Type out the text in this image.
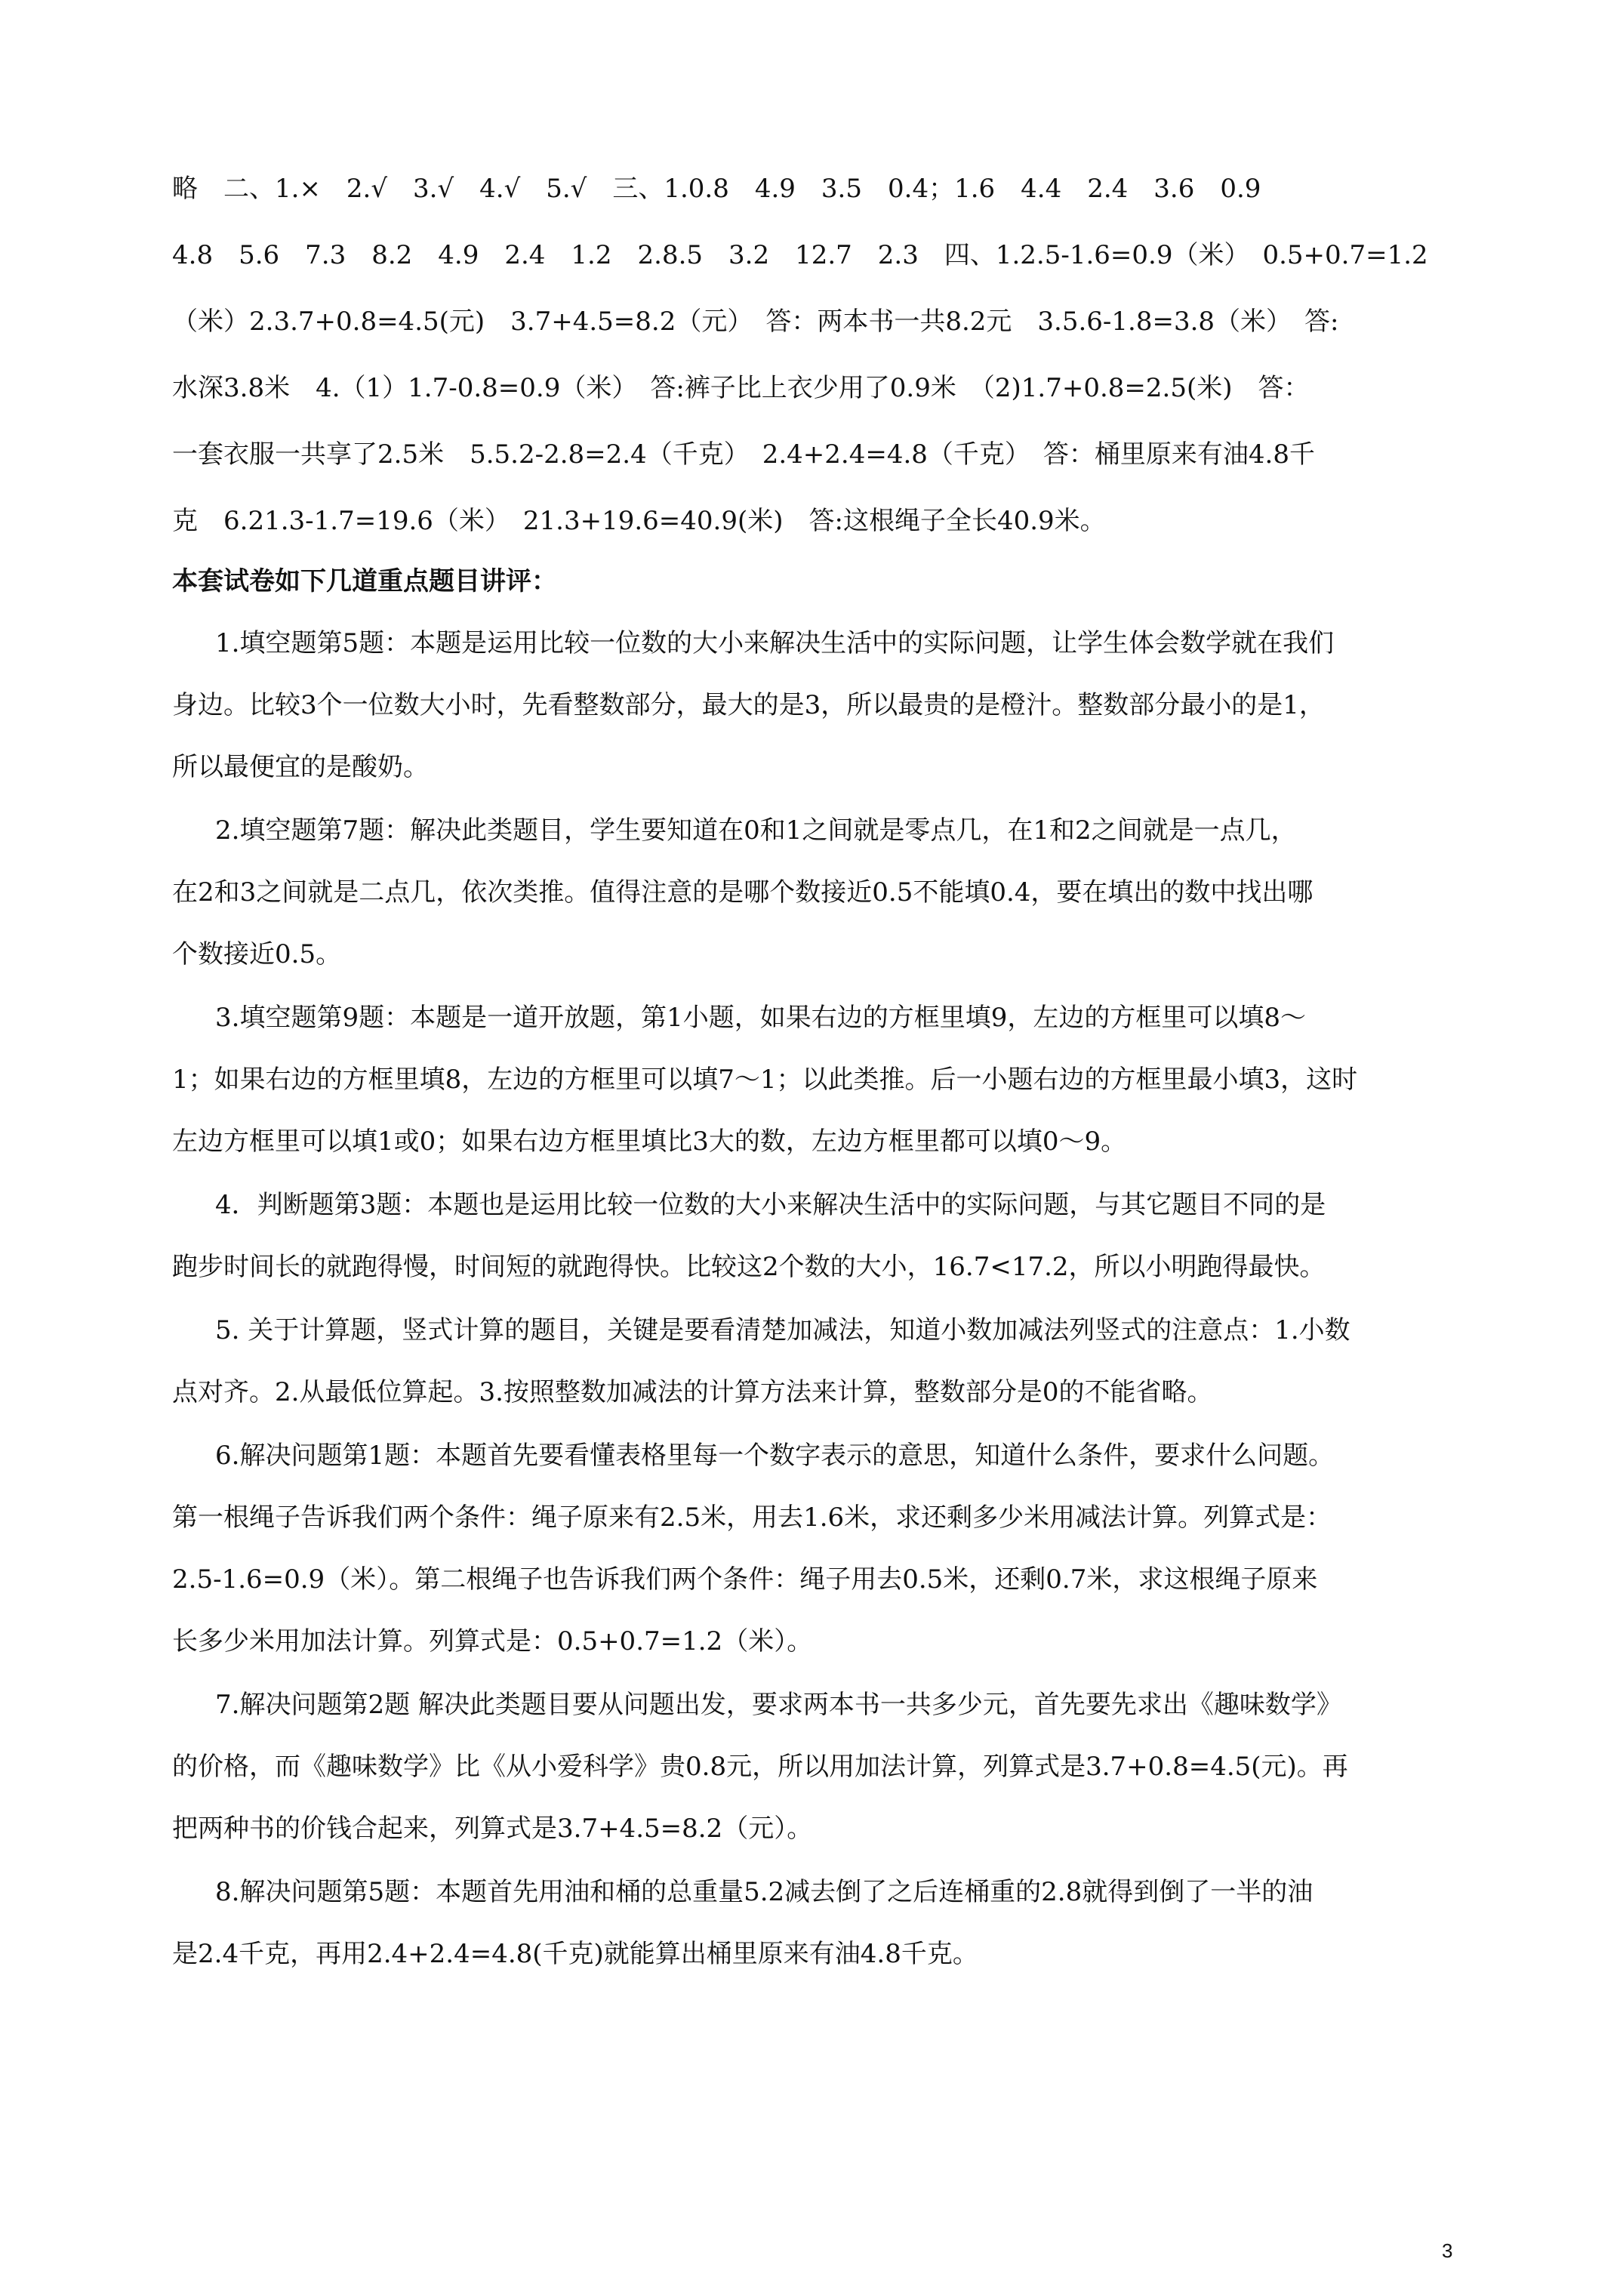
略　二、1.×　2.√　3.√　4.√　5.√　三、1.0.8　4.9　3.5　0.4；1.6　4.4　2.4　3.6　0.9
4.8　5.6　7.3　8.2　4.9　2.4　1.2　2.8.5　3.2　12.7　2.3　四、1.2.5-1.6=0.9（米）　0.5+0.7=1.2
（米）2.3.7+0.8=4.5(元)　3.7+4.5=8.2（元）　答：两本书一共8.2元　3.5.6-1.8=3.8（米）　答:
水深3.8米　4.（1）1.7-0.8=0.9（米）　答:裤子比上衣少用了0.9米　（2)1.7+0.8=2.5(米)　答：
一套衣服一共享了2.5米　5.5.2-2.8=2.4（千克）　2.4+2.4=4.8（千克）　答：桶里原来有油4.8千
克　6.21.3-1.7=19.6（米）　21.3+19.6=40.9(米)　答:这根绳子全长40.9米。
本套试卷如下几道重点题目讲评：
1.填空题第5题：本题是运用比较一位数的大小来解决生活中的实际问题，让学生体会数学就在我们
身边。比较3个一位数大小时，先看整数部分，最大的是3，所以最贵的是橙汁。整数部分最小的是1，
所以最便宜的是酸奶。
2.填空题第7题：解决此类题目，学生要知道在0和1之间就是零点几，在1和2之间就是一点几，
在2和3之间就是二点几，依次类推。值得注意的是哪个数接近0.5不能填0.4，要在填出的数中找出哪
个数接近0.5。
3.填空题第9题：本题是一道开放题，第1小题，如果右边的方框里填9，左边的方框里可以填8～
1；如果右边的方框里填8，左边的方框里可以填7～1；以此类推。后一小题右边的方框里最小填3，这时
左边方框里可以填1或0；如果右边方框里填比3大的数，左边方框里都可以填0～9。
4．判断题第3题：本题也是运用比较一位数的大小来解决生活中的实际问题，与其它题目不同的是
跑步时间长的就跑得慢，时间短的就跑得快。比较这2个数的大小，16.7<17.2，所以小明跑得最快。
5. 关于计算题，竖式计算的题目，关键是要看清楚加减法，知道小数加减法列竖式的注意点：1.小数
点对齐。2.从最低位算起。3.按照整数加减法的计算方法来计算，整数部分是0的不能省略。
6.解决问题第1题：本题首先要看懂表格里每一个数字表示的意思，知道什么条件，要求什么问题。
第一根绳子告诉我们两个条件：绳子原来有2.5米，用去1.6米，求还剩多少米用减法计算。列算式是：
2.5-1.6=0.9（米）。第二根绳子也告诉我们两个条件：绳子用去0.5米，还剩0.7米，求这根绳子原来
长多少米用加法计算。列算式是：0.5+0.7=1.2（米）。
7.解决问题第2题 解决此类题目要从问题出发，要求两本书一共多少元，首先要先求出《趣味数学》
的价格，而《趣味数学》比《从小爱科学》贵0.8元，所以用加法计算，列算式是3.7+0.8=4.5(元)。再
把两种书的价钱合起来，列算式是3.7+4.5=8.2（元）。
8.解决问题第5题：本题首先用油和桶的总重量5.2减去倒了之后连桶重的2.8就得到倒了一半的油
是2.4千克，再用2.4+2.4=4.8(千克)就能算出桶里原来有油4.8千克。
3
